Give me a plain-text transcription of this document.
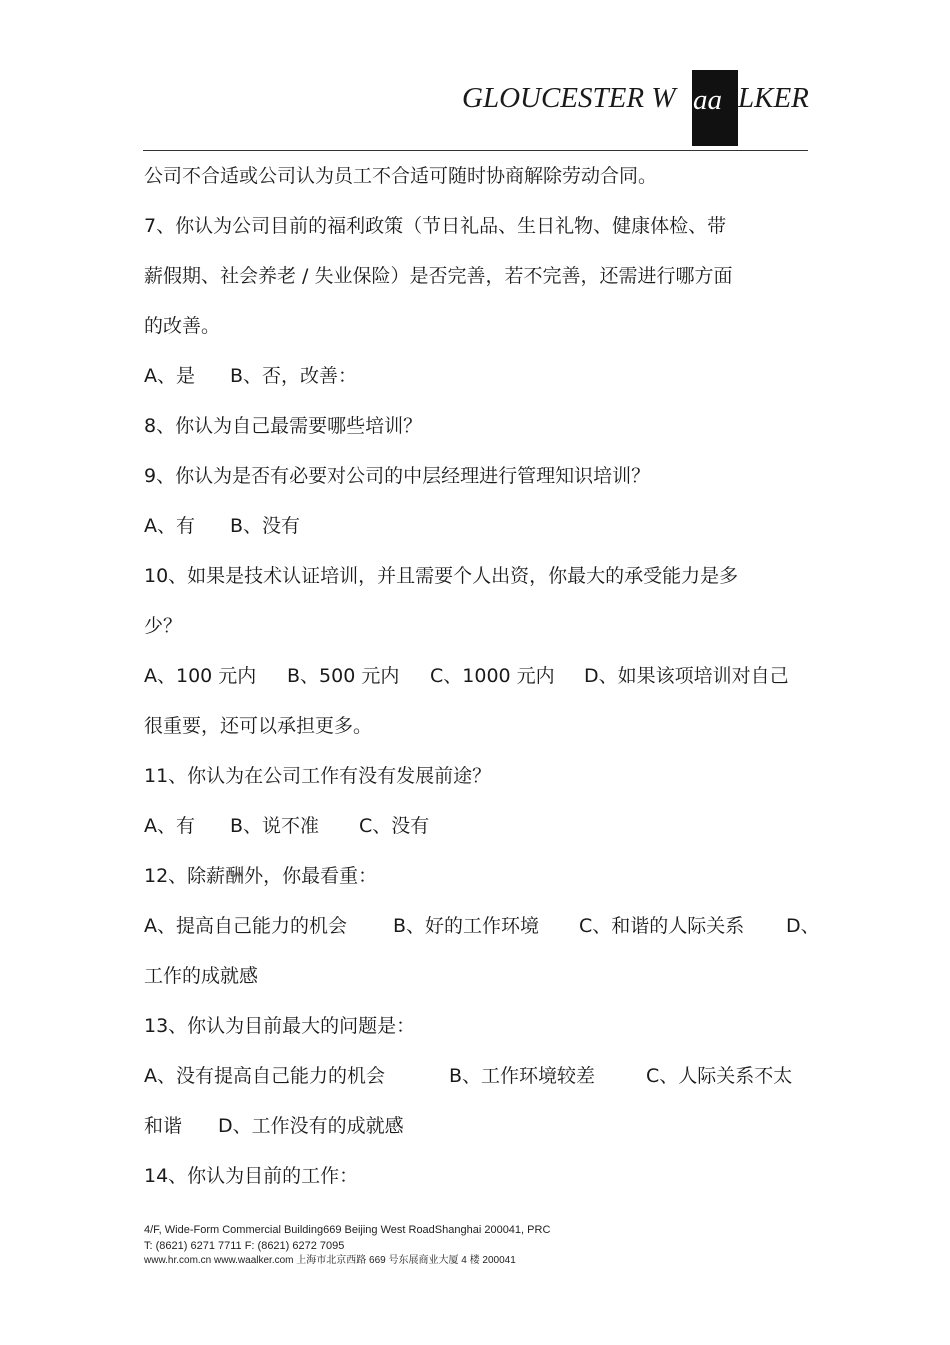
GLOUCESTER W aa LKER
公司不合适或公司认为员工不合适可随时协商解除劳动合同。
7、你认为公司目前的福利政策（节日礼品、生日礼物、健康体检、带
薪假期、社会养老 / 失业保险）是否完善，若不完善，还需进行哪方面
的改善。
A、是 B、否，改善：
8、你认为自己最需要哪些培训？
9、你认为是否有必要对公司的中层经理进行管理知识培训？
A、有 B、没有
10、如果是技术认证培训，并且需要个人出资，你最大的承受能力是多
少？
A、100 元内 B、500 元内 C、1000 元内 D、如果该项培训对自己
很重要，还可以承担更多。
11、你认为在公司工作有没有发展前途？
A、有 B、说不准 C、没有
12、除薪酬外，你最看重：
A、提高自己能力的机会 B、好的工作环境 C、和谐的人际关系 D、
工作的成就感
13、你认为目前最大的问题是：
A、没有提高自己能力的机会	B、工作环境较差	C、人际关系不太
和谐 D、工作没有的成就感
14、你认为目前的工作：
4/F, Wide-Form Commercial Building669 Beijing West RoadShanghai 200041, PRC
T: (8621) 6271 7711 F: (8621) 6272 7095
www.hr.com.cn www.waalker.com 上海市北京西路 669 号东展商业大厦 4 楼 200041
